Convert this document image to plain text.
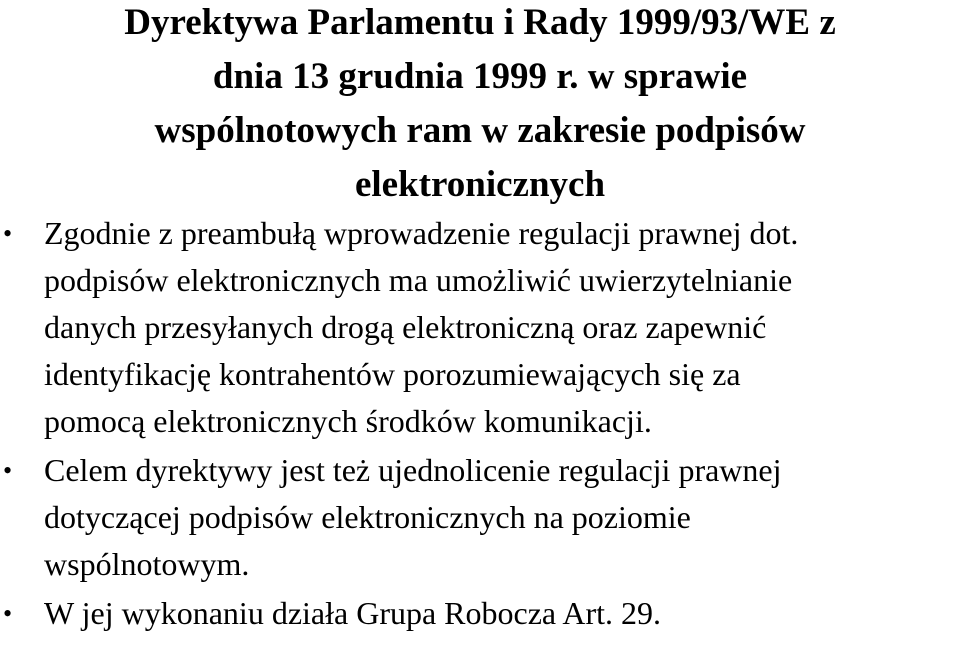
Dyrektywa Parlamentu i Rady 1999/93/WE z
dnia 13 grudnia 1999 r. w sprawie
wspólnotowych ram w zakresie podpisów
elektronicznych
• Zgodnie z preambułą wprowadzenie regulacji prawnej dot.
podpisów elektronicznych ma umożliwić uwierzytelnianie
danych przesyłanych drogą elektroniczną oraz zapewnić
identyfikację kontrahentów porozumiewających się za
pomocą elektronicznych środków komunikacji.
• Celem dyrektywy jest też ujednolicenie regulacji prawnej
dotyczącej podpisów elektronicznych na poziomie
wspólnotowym.
• W jej wykonaniu działa Grupa Robocza Art. 29.
